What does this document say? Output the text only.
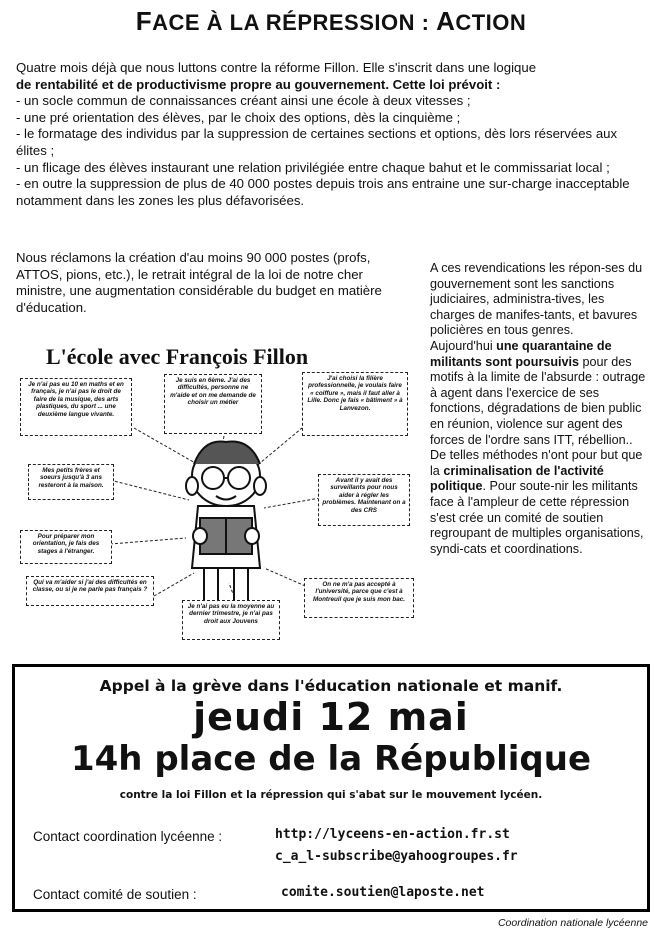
FACE À LA RÉPRESSION : ACTION

Quatre mois déjà que nous luttons contre la réforme Fillon. Elle s'inscrit dans une logique

de rentabilité et de productivisme propre au gouvernement. Cette loi prévoit :

- un socle commun de connaissances créant ainsi une école à deux vitesses ;

- une pré orientation des élèves, par le choix des options, dès la cinquième ;

- le formatage des individus par la suppression de certaines sections et options, dès lors réservées aux élites ;

- un flicage des élèves instaurant une relation privilégiée entre chaque bahut et le commissariat local ;

- en outre la suppression de plus de 40 000 postes depuis trois ans entraine une sur-charge inacceptable notamment dans les zones les plus défavorisées.

Nous réclamons la création d'au moins 90 000 postes (profs, ATTOS, pions, etc.), le retrait intégral de la loi de notre cher ministre, une augmentation considérable du budget en matière d'éducation.
L'école avec François Fillon
Je n'ai pas eu 10 en maths et en français, je n'ai pas le droit de faire de la musique, des arts plastiques, du sport ... une deuxième langue vivante.
Je suis en 6ème. J'ai des difficultés, personne ne m'aide et on me demande de choisir un métier
J'ai choisi la filière professionnelle, je voulais faire « coiffure », mais il faut aller à Lille. Donc je fais « bâtiment » à Lanvezon.
Mes petits frères et soeurs jusqu'à 3 ans resteront à la maison.
Avant il y avait des surveillants pour nous aider à régler les problèmes. Maintenant on a des CRS
Pour préparer mon orientation, je fais des stages à l'étranger.
Qui va m'aider si j'ai des difficultés en classe, ou si je ne parle pas français ?
On ne m'a pas accepté à l'université, parce que c'est à Montreuil que je suis mon bac.
Je n'ai pas eu la moyenne au dernier trimestre, je n'ai pas droit aux Jouvens

A ces revendications les répon-ses du gouvernement sont les sanctions judiciaires, administra-tives, les charges de manifes-tants, et bavures policières en tous genres.

Aujourd'hui une quarantaine de militants sont poursuivis pour des motifs à la limite de l'absurde : outrage à agent dans l'exercice de ses fonctions, dégradations de bien public en réunion, violence sur agent des forces de l'ordre sans ITT, rébellion..

De telles méthodes n'ont pour but que la criminalisation de l'activité politique. Pour soute-nir les militants face à l'ampleur de cette répression s'est crée un comité de soutien regroupant de multiples organisations, syndi-cats et coordinations.

Appel à la grève dans l'éducation nationale et manif.
jeudi 12 mai
14h place de la République
contre la loi Fillon et la répression qui s'abat sur le mouvement lycéen.
Contact coordination lycéenne :	http://lyceens-en-action.fr.st
c_a_l-subscribe@yahoogroupes.fr
Contact comité de soutien :	comite.soutien@laposte.net
Coordination nationale lycéenne
